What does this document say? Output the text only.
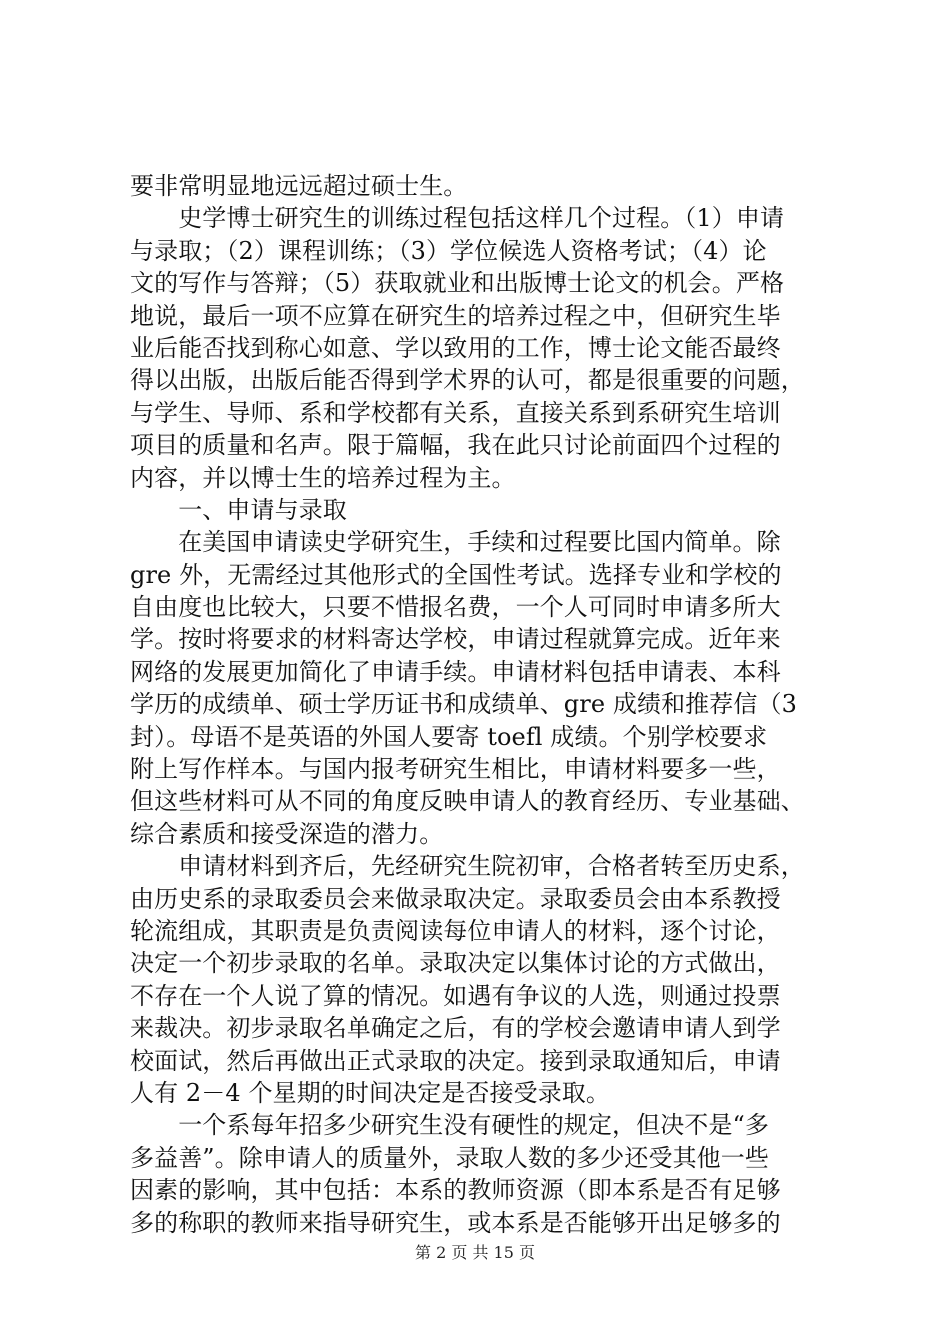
要非常明显地远远超过硕士生。
　　史学博士研究生的训练过程包括这样几个过程。（1）申请
与录取；（2）课程训练；（3）学位候选人资格考试；（4）论
文的写作与答辩；（5）获取就业和出版博士论文的机会。严格
地说，最后一项不应算在研究生的培养过程之中，但研究生毕
业后能否找到称心如意、学以致用的工作，博士论文能否最终
得以出版，出版后能否得到学术界的认可，都是很重要的问题，
与学生、导师、系和学校都有关系，直接关系到系研究生培训
项目的质量和名声。限于篇幅，我在此只讨论前面四个过程的
内容，并以博士生的培养过程为主。
　　一、申请与录取
　　在美国申请读史学研究生，手续和过程要比国内简单。除
gre 外，无需经过其他形式的全国性考试。选择专业和学校的
自由度也比较大，只要不惜报名费，一个人可同时申请多所大
学。按时将要求的材料寄达学校，申请过程就算完成。近年来
网络的发展更加简化了申请手续。申请材料包括申请表、本科
学历的成绩单、硕士学历证书和成绩单、gre 成绩和推荐信（3
封）。母语不是英语的外国人要寄 toefl 成绩。个别学校要求
附上写作样本。与国内报考研究生相比，申请材料要多一些，
但这些材料可从不同的角度反映申请人的教育经历、专业基础、
综合素质和接受深造的潜力。
　　申请材料到齐后，先经研究生院初审，合格者转至历史系，
由历史系的录取委员会来做录取决定。录取委员会由本系教授
轮流组成，其职责是负责阅读每位申请人的材料，逐个讨论，
决定一个初步录取的名单。录取决定以集体讨论的方式做出，
不存在一个人说了算的情况。如遇有争议的人选，则通过投票
来裁决。初步录取名单确定之后，有的学校会邀请申请人到学
校面试，然后再做出正式录取的决定。接到录取通知后，申请
人有 2－4 个星期的时间决定是否接受录取。
　　一个系每年招多少研究生没有硬性的规定，但决不是“多
多益善”。除申请人的质量外，录取人数的多少还受其他一些
因素的影响，其中包括：本系的教师资源（即本系是否有足够
多的称职的教师来指导研究生，或本系是否能够开出足够多的
第 2 页 共 15 页
